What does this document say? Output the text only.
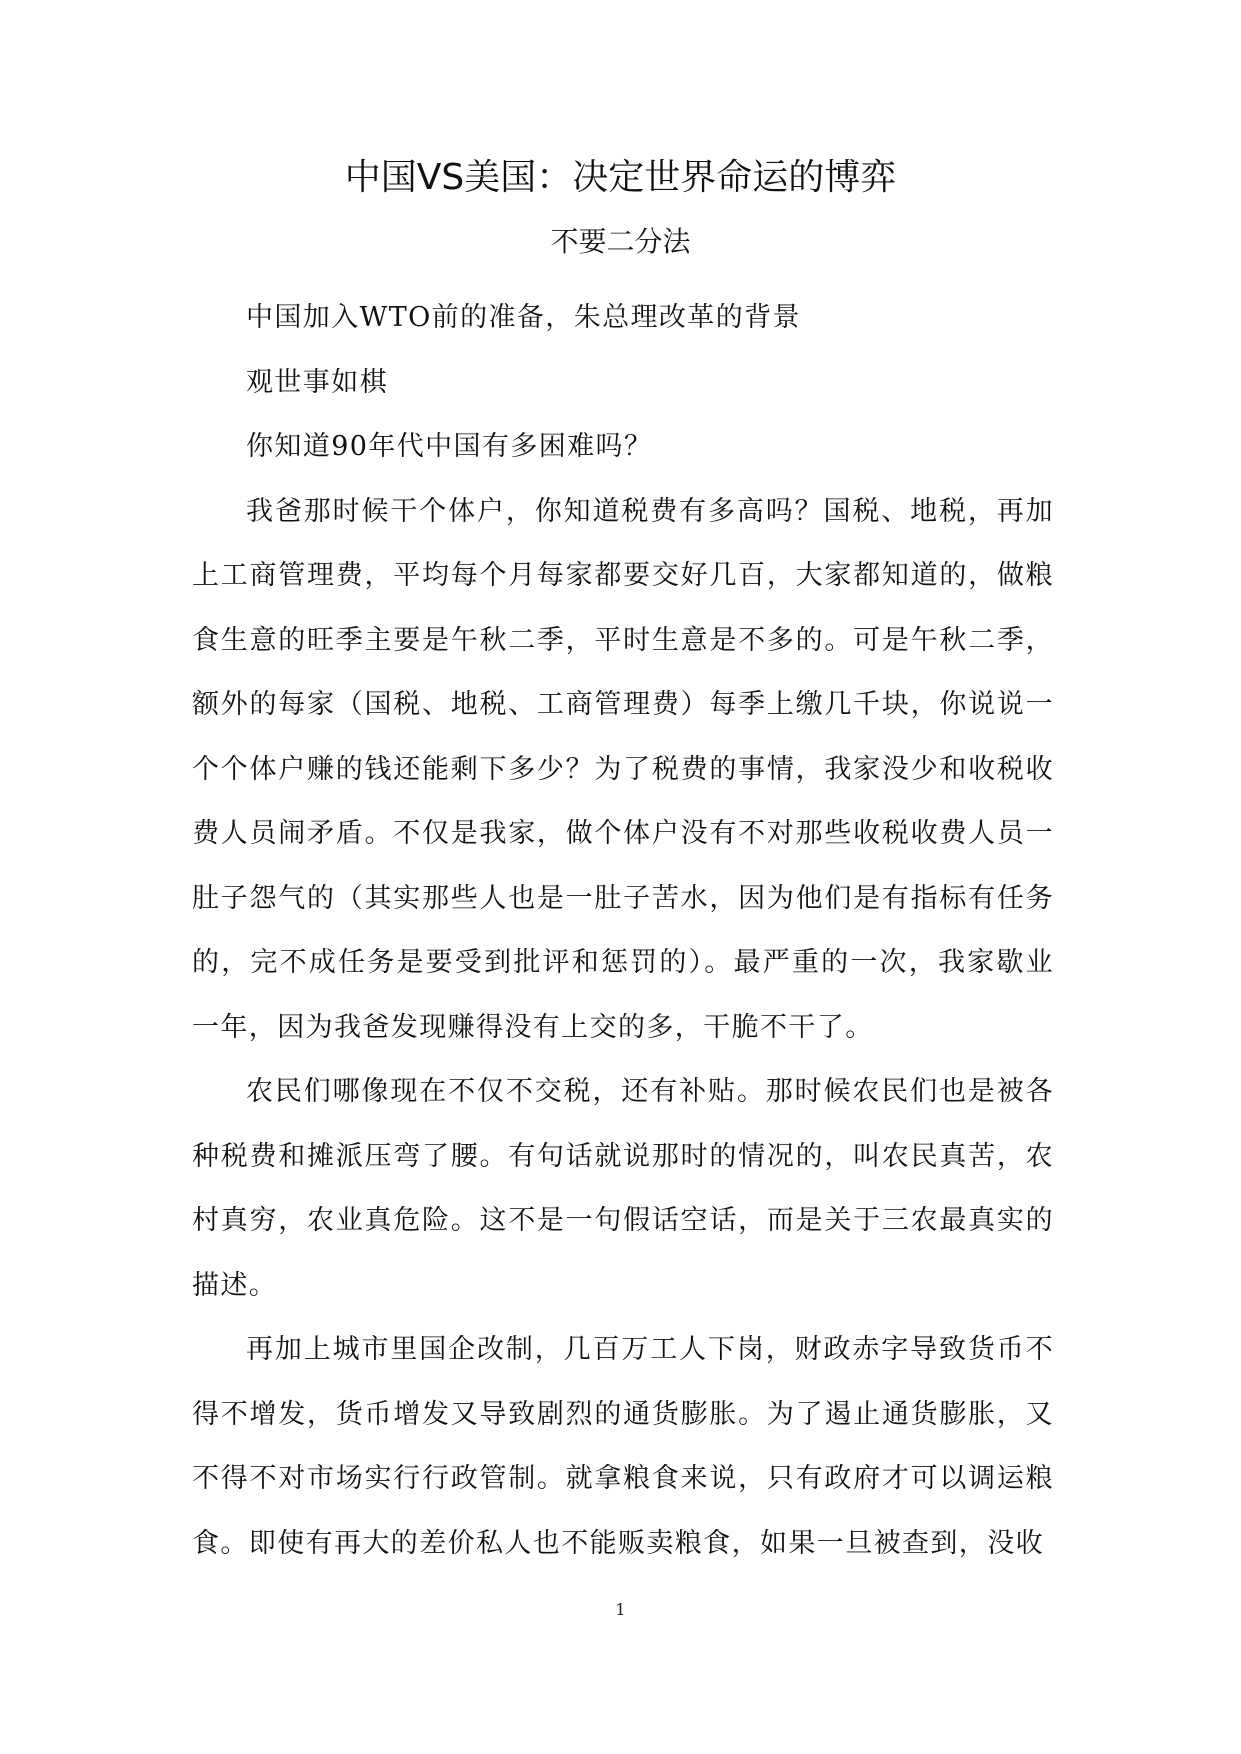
中国VS美国：决定世界命运的博弈
不要二分法

中国加入WTO前的准备，朱总理改革的背景

观世事如棋

你知道90年代中国有多困难吗？

我爸那时候干个体户，你知道税费有多高吗？国税、地税，再加上工商管理费，平均每个月每家都要交好几百，大家都知道的，做粮食生意的旺季主要是午秋二季，平时生意是不多的。可是午秋二季，额外的每家（国税、地税、工商管理费）每季上缴几千块，你说说一个个体户赚的钱还能剩下多少？为了税费的事情，我家没少和收税收费人员闹矛盾。不仅是我家，做个体户没有不对那些收税收费人员一肚子怨气的（其实那些人也是一肚子苦水，因为他们是有指标有任务的，完不成任务是要受到批评和惩罚的）。最严重的一次，我家歇业一年，因为我爸发现赚得没有上交的多，干脆不干了。

农民们哪像现在不仅不交税，还有补贴。那时候农民们也是被各种税费和摊派压弯了腰。有句话就说那时的情况的，叫农民真苦，农村真穷，农业真危险。这不是一句假话空话，而是关于三农最真实的描述。

再加上城市里国企改制，几百万工人下岗，财政赤字导致货币不得不增发，货币增发又导致剧烈的通货膨胀。为了遏止通货膨胀，又不得不对市场实行行政管制。就拿粮食来说，只有政府才可以调运粮食。即使有再大的差价私人也不能贩卖粮食，如果一旦被查到，没收

1
